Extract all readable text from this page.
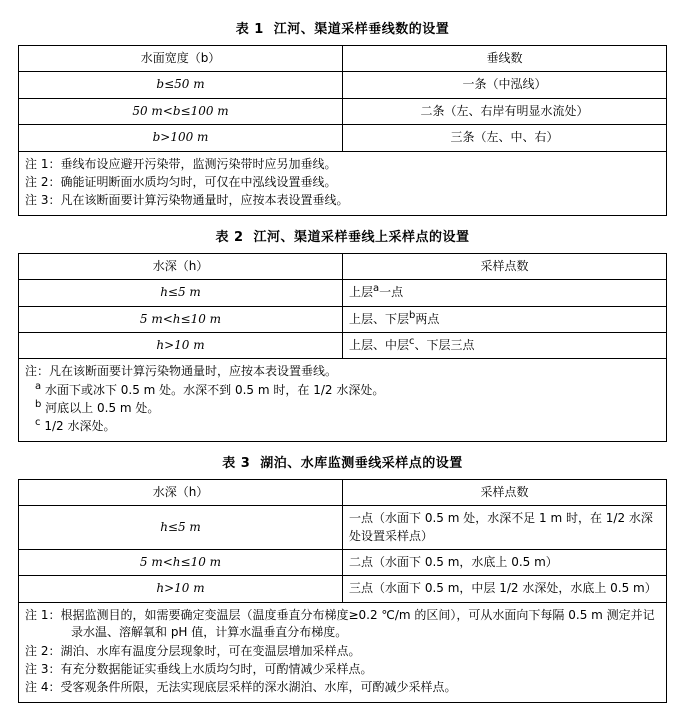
表 1 江河、渠道采样垂线数的设置
水面宽度（b）	垂线数
b≤50 m	一条（中泓线）
50 m<b≤100 m	二条（左、右岸有明显水流处）
b>100 m	三条（左、中、右）

注 1：垂线布设应避开污染带，监测污染带时应另加垂线。
注 2：确能证明断面水质均匀时，可仅在中泓线设置垂线。
注 3：凡在该断面要计算污染物通量时，应按本表设置垂线。	
表 2 江河、渠道采样垂线上采样点的设置
水深（h）	采样点数
h≤5 m	上层$^a$一点
5 m<h≤10 m	上层、下层$^b$两点
h>10 m	上层、中层$^c$、下层三点

注：凡在该断面要计算污染物通量时，应按本表设置垂线。
$^a$ 水面下或冰下 0.5 m 处。水深不到 0.5 m 时，在 1/2 水深处。
$^b$ 河底以上 0.5 m 处。
$^c$ 1/2 水深处。	
表 3 湖泊、水库监测垂线采样点的设置
水深（h）	采样点数
h≤5 m	一点（水面下 0.5 m 处，水深不足 1 m 时，在 1/2 水深处设置采样点）
5 m<h≤10 m	二点（水面下 0.5 m，水底上 0.5 m）
h>10 m	三点（水面下 0.5 m，中层 1/2 水深处，水底上 0.5 m）

注 1：根据监测目的，如需要确定变温层（温度垂直分布梯度≥0.2 ℃/m 的区间），可从水面向下每隔 0.5 m 测定并记录水温、溶解氧和 pH 值，计算水温垂直分布梯度。
注 2：湖泊、水库有温度分层现象时，可在变温层增加采样点。
注 3：有充分数据能证实垂线上水质均匀时，可酌情减少采样点。
注 4：受客观条件所限，无法实现底层采样的深水湖泊、水库，可酌减少采样点。	
